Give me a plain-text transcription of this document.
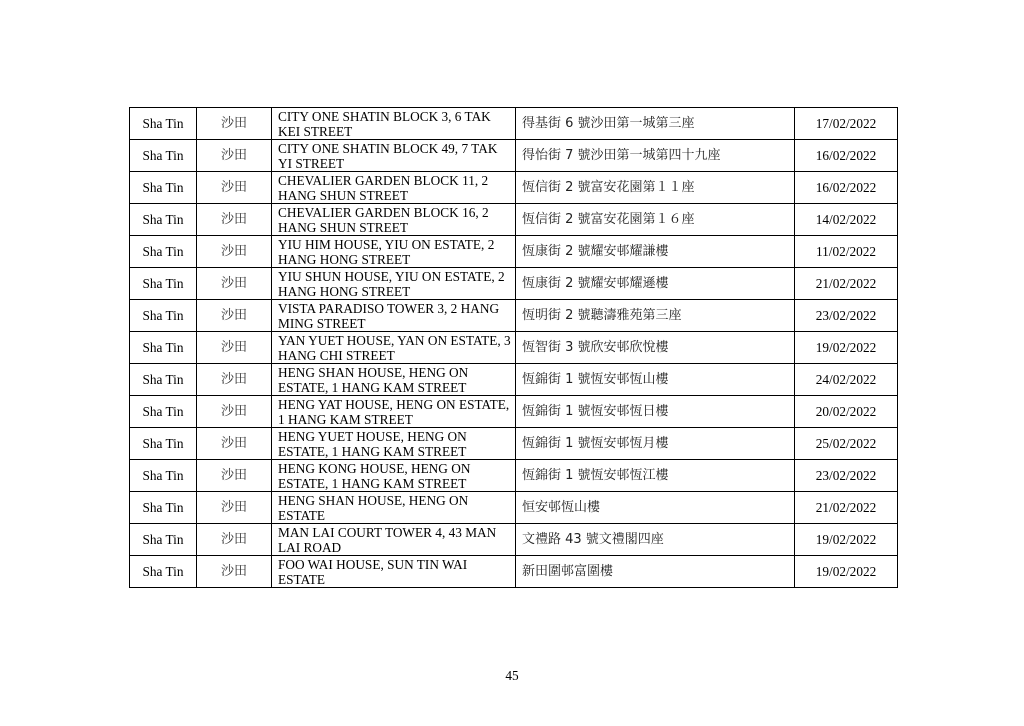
Sha Tin	沙田	CITY ONE SHATIN BLOCK 3, 6 TAK KEI STREET	得基街 6 號沙田第一城第三座	17/02/2022
Sha Tin	沙田	CITY ONE SHATIN BLOCK 49, 7 TAK YI STREET	得怡街 7 號沙田第一城第四十九座	16/02/2022
Sha Tin	沙田	CHEVALIER GARDEN BLOCK 11, 2 HANG SHUN STREET	恆信街 2 號富安花園第１１座	16/02/2022
Sha Tin	沙田	CHEVALIER GARDEN BLOCK 16, 2 HANG SHUN STREET	恆信街 2 號富安花園第１６座	14/02/2022
Sha Tin	沙田	YIU HIM HOUSE, YIU ON ESTATE, 2 HANG HONG STREET	恆康街 2 號耀安邨耀謙樓	11/02/2022
Sha Tin	沙田	YIU SHUN HOUSE, YIU ON ESTATE, 2 HANG HONG STREET	恆康街 2 號耀安邨耀遜樓	21/02/2022
Sha Tin	沙田	VISTA PARADISO TOWER 3, 2 HANG MING STREET	恆明街 2 號聽濤雅苑第三座	23/02/2022
Sha Tin	沙田	YAN YUET HOUSE, YAN ON ESTATE, 3 HANG CHI STREET	恆智街 3 號欣安邨欣悅樓	19/02/2022
Sha Tin	沙田	HENG SHAN HOUSE, HENG ON ESTATE, 1 HANG KAM STREET	恆錦街 1 號恆安邨恆山樓	24/02/2022
Sha Tin	沙田	HENG YAT HOUSE, HENG ON ESTATE, 1 HANG KAM STREET	恆錦街 1 號恆安邨恆日樓	20/02/2022
Sha Tin	沙田	HENG YUET HOUSE, HENG ON ESTATE, 1 HANG KAM STREET	恆錦街 1 號恆安邨恆月樓	25/02/2022
Sha Tin	沙田	HENG KONG HOUSE, HENG ON ESTATE, 1 HANG KAM STREET	恆錦街 1 號恆安邨恆江樓	23/02/2022
Sha Tin	沙田	HENG SHAN HOUSE, HENG ON ESTATE	恒安邨恆山樓	21/02/2022
Sha Tin	沙田	MAN LAI COURT TOWER 4, 43 MAN LAI ROAD	文禮路 43 號文禮閣四座	19/02/2022
Sha Tin	沙田	FOO WAI HOUSE, SUN TIN WAI ESTATE	新田圍邨富圍樓	19/02/2022
45
